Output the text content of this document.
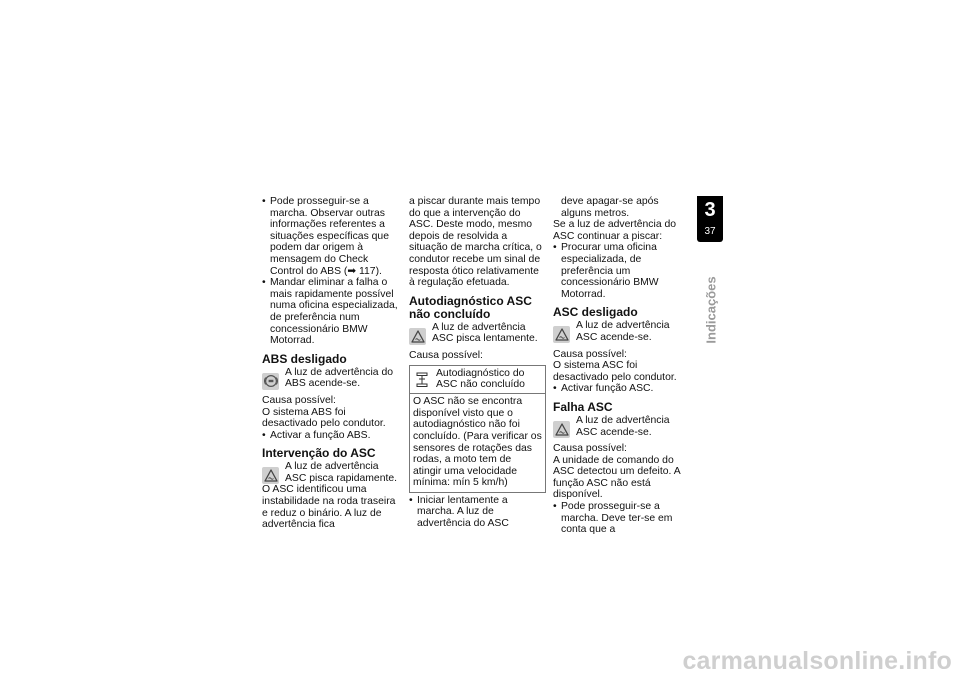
• Pode prosseguir-se a marcha. Observar outras informações referentes a situações específicas que podem dar origem à mensagem do Check Control do ABS (➡ 117).
• Mandar eliminar a falha o mais rapidamente possível numa oficina especializada, de preferência num concessionário BMW Motorrad.
ABS desligado
A luz de advertência do ABS acende-se.

Causa possível:

O sistema ABS foi desactivado pelo condutor.

• Activar a função ABS.
Intervenção do ASC
A luz de advertência ASC pisca rapidamente.

O ASC identificou uma instabilidade na roda traseira e reduz o binário. A luz de advertência fica

a piscar durante mais tempo do que a intervenção do ASC. Deste modo, mesmo depois de resolvida a situação de marcha crítica, o condutor recebe um sinal de resposta ótico relativamente à regulação efetuada.

Autodiagnóstico ASC não concluído
A luz de advertência ASC pisca lentamente.

Causa possível:

Autodiagnóstico do ASC não concluído
O ASC não se encontra disponível visto que o autodiagnóstico não foi concluído. (Para verificar os sensores de rotações das rodas, a moto tem de atingir uma velocidade mínima: mín 5 km/h)
• Iniciar lentamente a marcha. A luz de advertência do ASC

deve apagar-se após alguns metros.

Se a luz de advertência do ASC continuar a piscar:

• Procurar uma oficina especializada, de preferência um concessionário BMW Motorrad.
ASC desligado
A luz de advertência ASC acende-se.

Causa possível:

O sistema ASC foi desactivado pelo condutor.

• Activar função ASC.
Falha ASC
A luz de advertência ASC acende-se.

Causa possível:

A unidade de comando do ASC detectou um defeito. A função ASC não está disponível.

• Pode prosseguir-se a marcha. Deve ter-se em conta que a
3
37
Indicações
carmanualsonline.info
